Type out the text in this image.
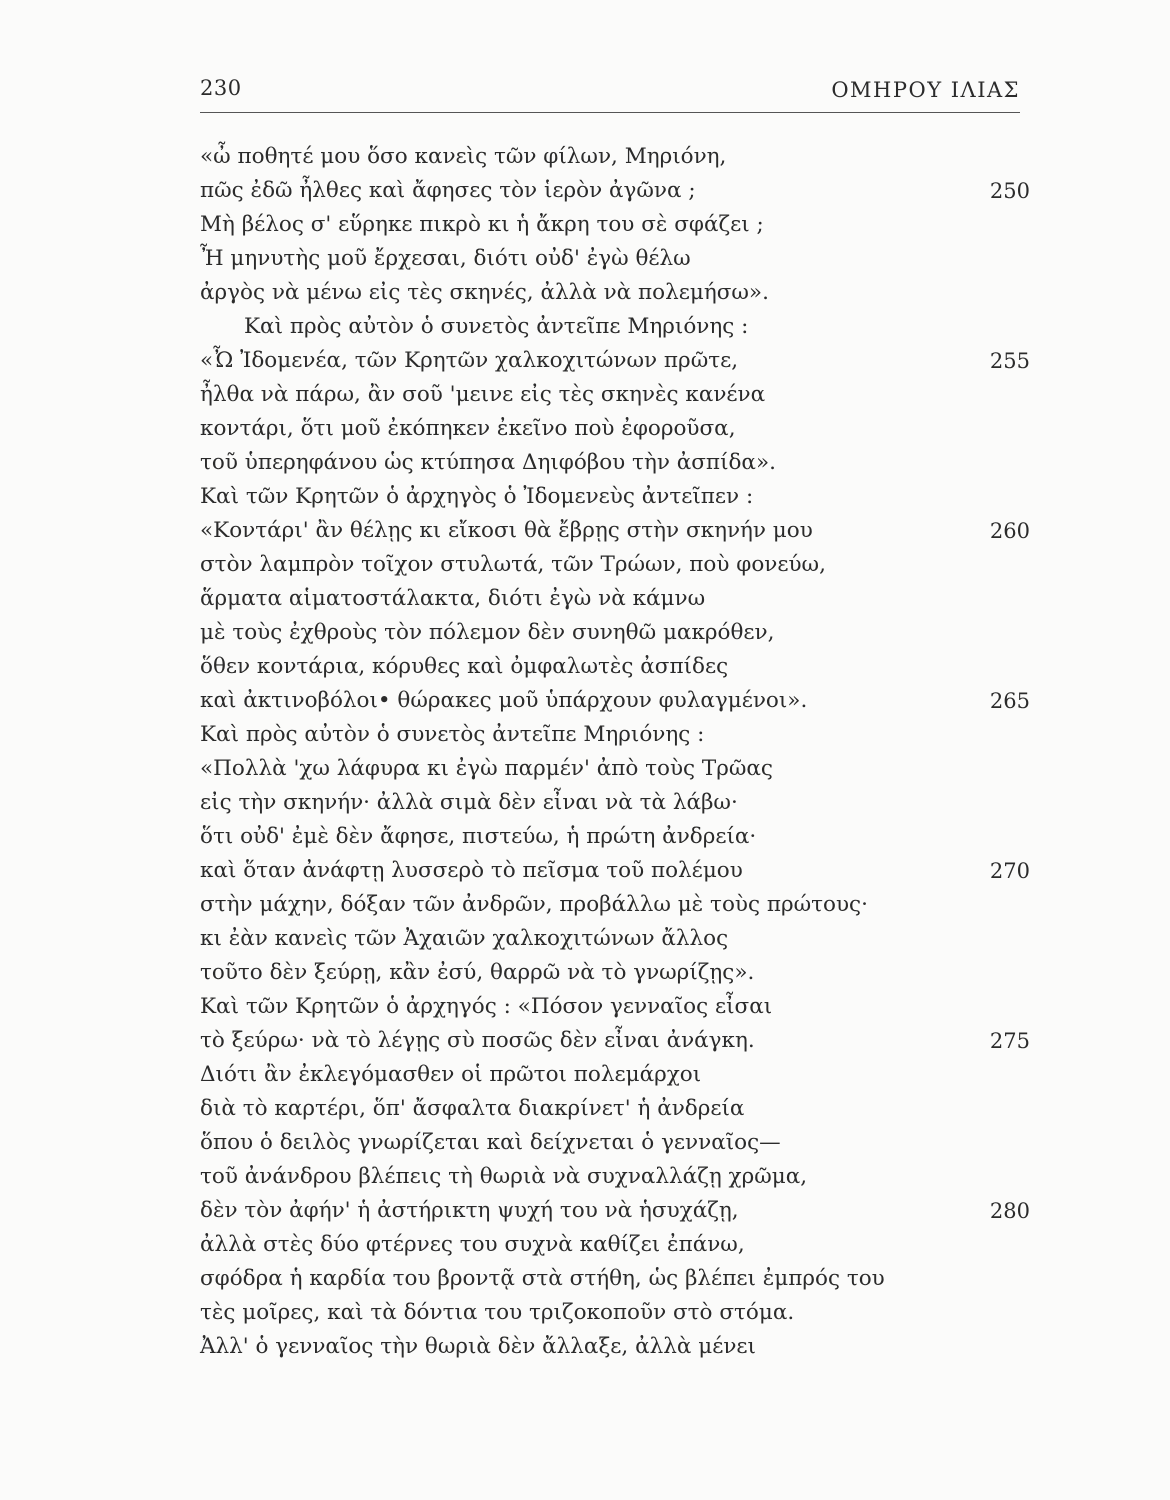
230	ΟΜΗΡΟΥ ΙΛΙΑΣ
«ὦ ποθητέ μου ὅσο κανεὶς τῶν φίλων, Μηριόνη,
πῶς ἐδῶ ἦλθες καὶ ἄφησες τὸν ἱερὸν ἀγῶνα ;	250
Μὴ βέλος σ' εὕρηκε πικρὸ κι ἡ ἄκρη του σὲ σφάζει ;
Ἦ μηνυτὴς μοῦ ἔρχεσαι, διότι οὐδ' ἐγὼ θέλω
ἀργὸς νὰ μένω εἰς τὲς σκηνές, ἀλλὰ νὰ πολεμήσω».
Καὶ πρὸς αὐτὸν ὁ συνετὸς ἀντεῖπε Μηριόνης :
«Ὦ Ἰδομενέα, τῶν Κρητῶν χαλκοχιτώνων πρῶτε,	255
ἦλθα νὰ πάρω, ἂν σοῦ 'μεινε εἰς τὲς σκηνὲς κανένα
κοντάρι, ὅτι μοῦ ἐκόπηκεν ἐκεῖνο ποὺ ἐφοροῦσα,
τοῦ ὑπερηφάνου ὡς κτύπησα Δηιφόβου τὴν ἀσπίδα».
Καὶ τῶν Κρητῶν ὁ ἀρχηγὸς ὁ Ἰδομενεὺς ἀντεῖπεν :
«Κοντάρι' ἂν θέλῃς κι εἴκοσι θὰ ἔβρῃς στὴν σκηνήν μου	260
στὸν λαμπρὸν τοῖχον στυλωτά, τῶν Τρώων, ποὺ φονεύω,
ἅρματα αἱματοστάλακτα, διότι ἐγὼ νὰ κάμνω
μὲ τοὺς ἐχθροὺς τὸν πόλεμον δὲν συνηθῶ μακρόθεν,
ὅθεν κοντάρια, κόρυθες καὶ ὀμφαλωτὲς ἀσπίδες
καὶ ἀκτινοβόλοι• θώρακες μοῦ ὑπάρχουν φυλαγμένοι».	265
Καὶ πρὸς αὐτὸν ὁ συνετὸς ἀντεῖπε Μηριόνης :
«Πολλὰ 'χω λάφυρα κι ἐγὼ παρμέν' ἀπὸ τοὺς Τρῶας
εἰς τὴν σκηνήν· ἀλλὰ σιμὰ δὲν εἶναι νὰ τὰ λάβω·
ὅτι οὐδ' ἐμὲ δὲν ἄφησε, πιστεύω, ἡ πρώτη ἀνδρεία·
καὶ ὅταν ἀνάφτῃ λυσσερὸ τὸ πεῖσμα τοῦ πολέμου	270
στὴν μάχην, δόξαν τῶν ἀνδρῶν, προβάλλω μὲ τοὺς πρώτους·
κι ἐὰν κανεὶς τῶν Ἀχαιῶν χαλκοχιτώνων ἄλλος
τοῦτο δὲν ξεύρῃ, κἂν ἐσύ, θαρρῶ νὰ τὸ γνωρίζῃς».
Καὶ τῶν Κρητῶν ὁ ἀρχηγός : «Πόσον γενναῖος εἶσαι
τὸ ξεύρω· νὰ τὸ λέγῃς σὺ ποσῶς δὲν εἶναι ἀνάγκη.	275
Διότι ἂν ἐκλεγόμασθεν οἱ πρῶτοι πολεμάρχοι
διὰ τὸ καρτέρι, ὅπ' ἄσφαλτα διακρίνετ' ἡ ἀνδρεία
ὅπου ὁ δειλὸς γνωρίζεται καὶ δείχνεται ὁ γενναῖος—
τοῦ ἀνάνδρου βλέπεις τὴ θωριὰ νὰ συχναλλάζῃ χρῶμα,
δὲν τὸν ἀφήν' ἡ ἀστήρικτη ψυχή του νὰ ἡσυχάζῃ,	280
ἀλλὰ στὲς δύο φτέρνες του συχνὰ καθίζει ἐπάνω,
σφόδρα ἡ καρδία του βροντᾷ στὰ στήθη, ὡς βλέπει ἐμπρός του
τὲς μοῖρες, καὶ τὰ δόντια του τριζοκοποῦν στὸ στόμα.
Ἀλλ' ὁ γενναῖος τὴν θωριὰ δὲν ἄλλαξε, ἀλλὰ μένει
